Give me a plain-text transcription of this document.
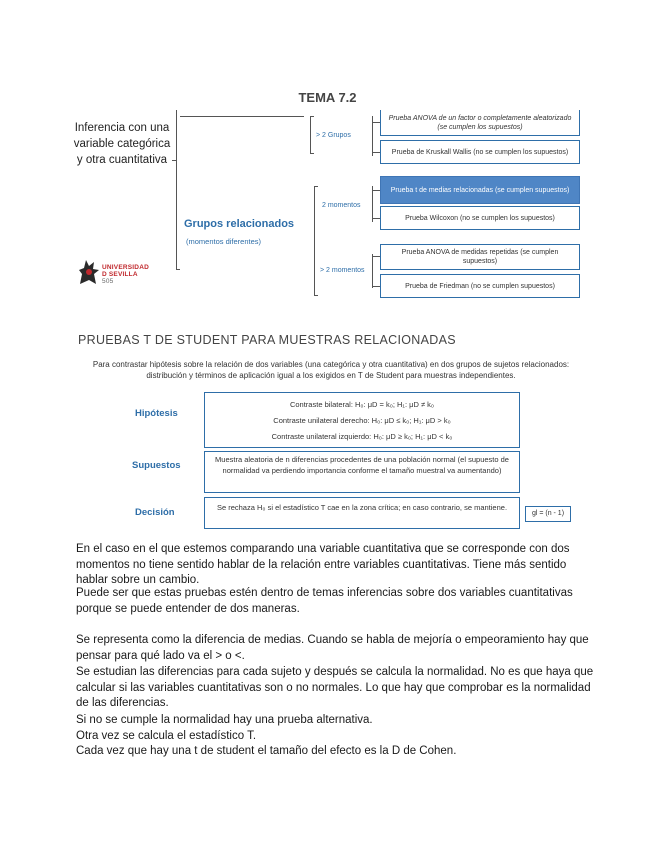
TEMA 7.2
Inferencia con una variable categórica y otra cuantitativa
Grupos relacionados
(momentos diferentes)
> 2 Grupos
2 momentos
> 2 momentos
Prueba ANOVA de un factor o completamente aleatorizado (se cumplen los supuestos)
Prueba de Kruskall Wallis (no se cumplen los supuestos)
Prueba t de medias relacionadas (se cumplen supuestos)
Prueba Wilcoxon (no se cumplen los supuestos)
Prueba ANOVA de medidas repetidas (se cumplen supuestos)
Prueba de Friedman (no se cumplen supuestos)
UNIVERSIDAD
D SEVILLA
505
PRUEBAS T DE STUDENT PARA MUESTRAS RELACIONADAS
Para contrastar hipótesis sobre la relación de dos variables (una categórica y otra cuantitativa) en dos grupos de sujetos relacionados: distribución y términos de aplicación igual a los exigidos en T de Student para muestras independientes.
Hipótesis
Supuestos
Decisión
Contraste bilateral: H₀: μD = k₀; H₁: μD ≠ k₀
Contraste unilateral derecho: H₀: μD ≤ k₀; H₁: μD > k₀
Contraste unilateral izquierdo: H₀: μD ≥ k₀; H₁: μD < k₀
Muestra aleatoria de n diferencias procedentes de una población normal (el supuesto de normalidad va perdiendo importancia conforme el tamaño muestral va aumentando)
Se rechaza H₀ si el estadístico T cae en la zona crítica; en caso contrario, se mantiene.
gl = (n - 1)
En el caso en el que estemos comparando una variable cuantitativa que se corresponde con dos momentos no tiene sentido hablar de la relación entre variables cuantitativas. Tiene más sentido hablar sobre un cambio.
Puede ser que estas pruebas estén dentro de temas inferencias sobre dos variables cuantitativas porque se puede entender de dos maneras.
Se representa como la diferencia de medias. Cuando se habla de mejoría o empeoramiento hay que pensar para qué lado va el > o <.
Se estudian las diferencias para cada sujeto y después se calcula la normalidad. No es que haya que calcular si las variables cuantitativas son o no normales. Lo que hay que comprobar es la normalidad de las diferencias.
Si no se cumple la normalidad hay una prueba alternativa.
Otra vez se calcula el estadístico T.
Cada vez que hay una t de student el tamaño del efecto es la D de Cohen.
